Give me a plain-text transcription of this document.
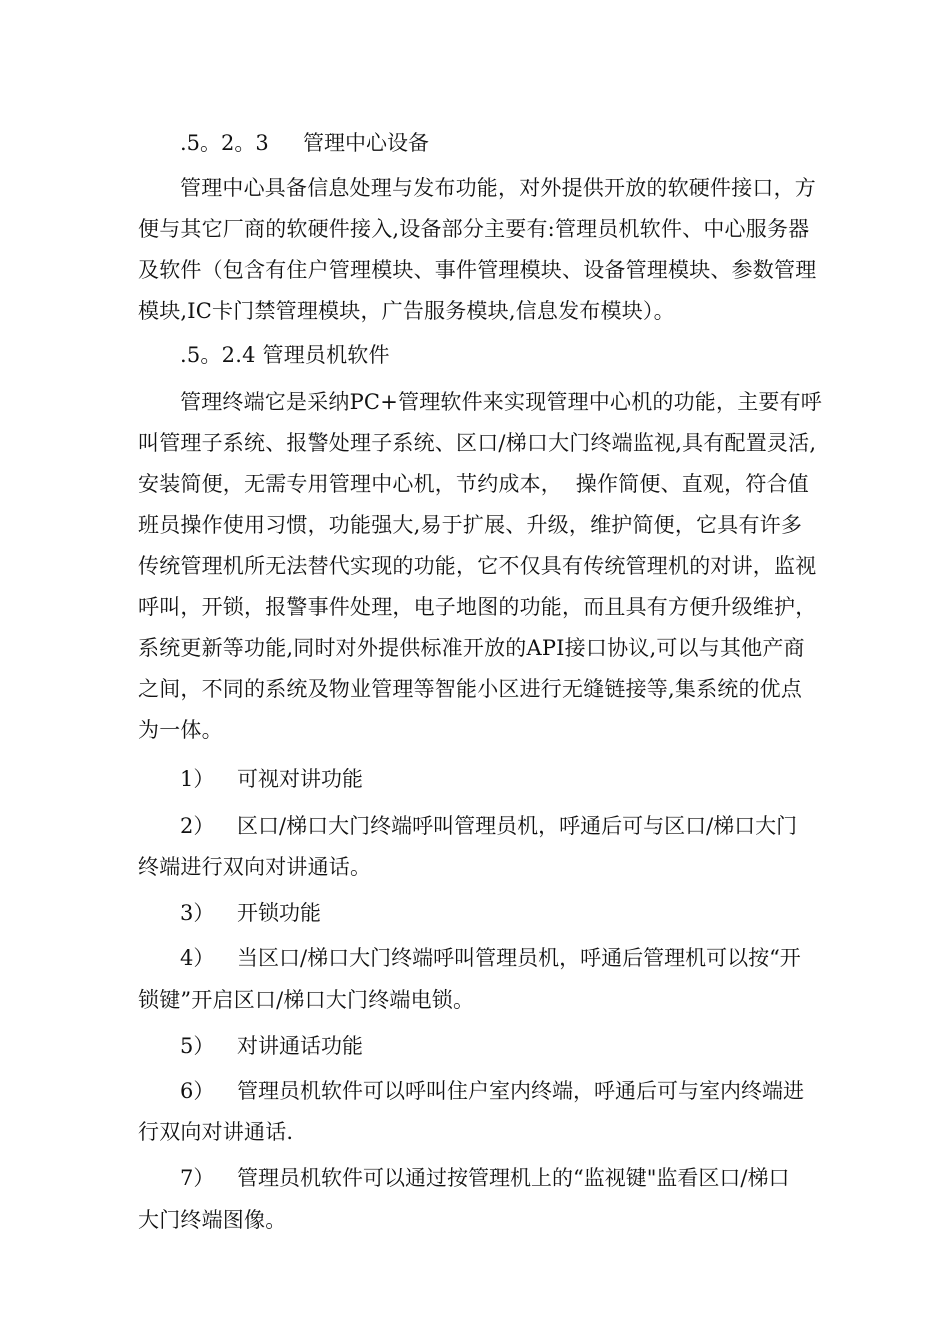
.5。2。3 管理中心设备
管理中心具备信息处理与发布功能，对外提供开放的软硬件接口，方
便与其它厂商的软硬件接入,设备部分主要有:管理员机软件、中心服务器
及软件（包含有住户管理模块、事件管理模块、设备管理模块、参数管理
模块,IC卡门禁管理模块，广告服务模块,信息发布模块）。
.5。2.4 管理员机软件
管理终端它是采纳PC+管理软件来实现管理中心机的功能，主要有呼
叫管理子系统、报警处理子系统、区口/梯口大门终端监视,具有配置灵活,
安装简便，无需专用管理中心机，节约成本，  操作简便、直观，符合值
班员操作使用习惯，功能强大,易于扩展、升级，维护简便，它具有许多
传统管理机所无法替代实现的功能，它不仅具有传统管理机的对讲，监视
呼叫，开锁，报警事件处理，电子地图的功能，而且具有方便升级维护，
系统更新等功能,同时对外提供标准开放的API接口协议,可以与其他产商
之间，不同的系统及物业管理等智能小区进行无缝链接等,集系统的优点
为一体。
1） 可视对讲功能
2） 区口/梯口大门终端呼叫管理员机，呼通后可与区口/梯口大门
终端进行双向对讲通话。
3） 开锁功能
4） 当区口/梯口大门终端呼叫管理员机，呼通后管理机可以按“开
锁键”开启区口/梯口大门终端电锁。
5） 对讲通话功能
6） 管理员机软件可以呼叫住户室内终端，呼通后可与室内终端进
行双向对讲通话.
7） 管理员机软件可以通过按管理机上的“监视键"监看区口/梯口
大门终端图像。
